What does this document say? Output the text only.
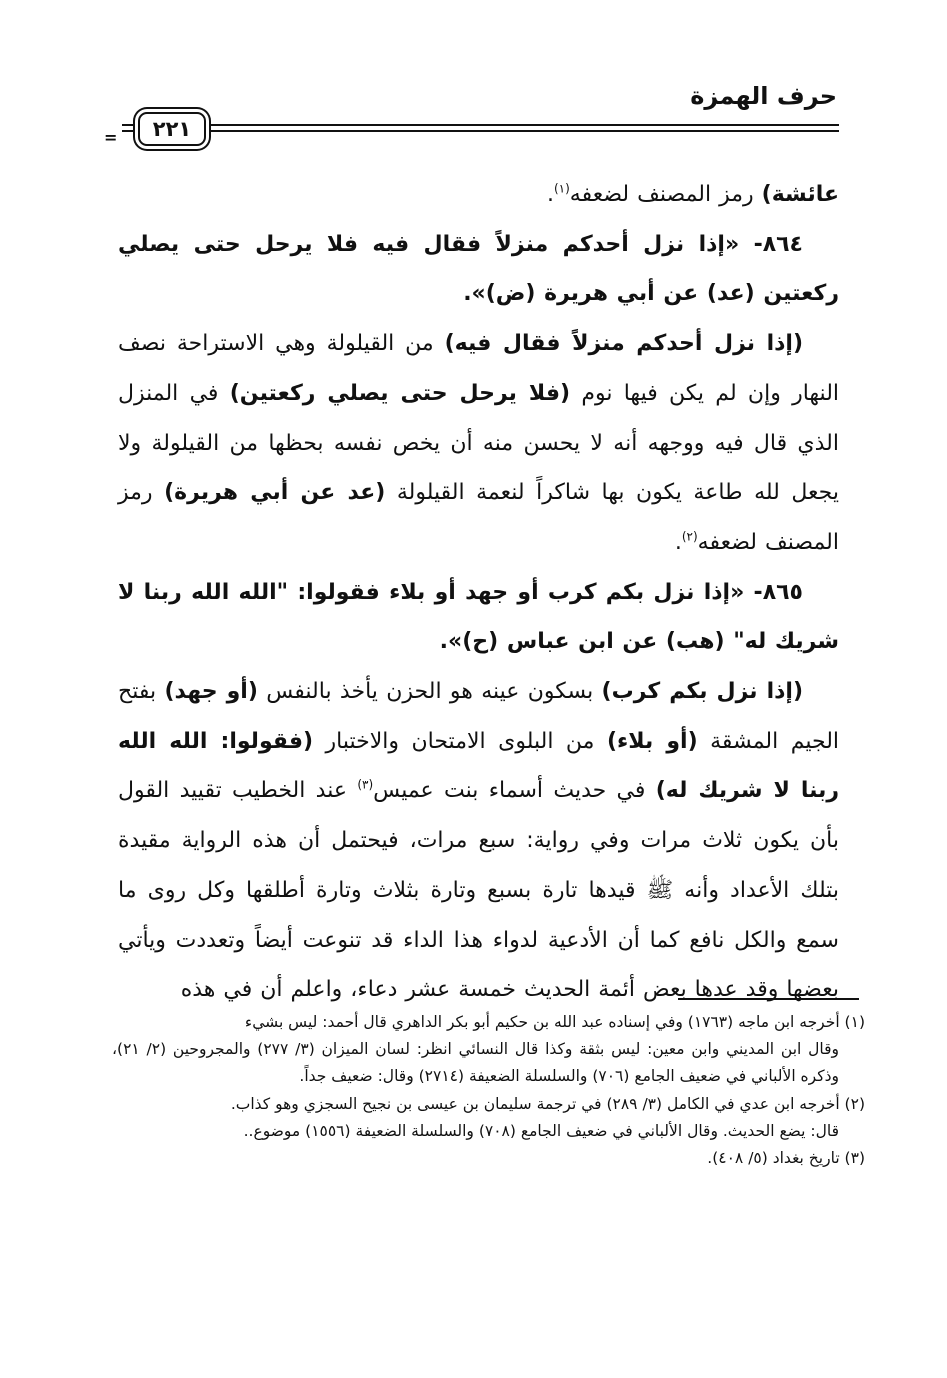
حرف الهمزة
=	٢٢١

عائشة) رمز المصنف لضعفه$^{(١)}$.

٨٦٤- «إذا نزل أحدكم منزلاً فقال فيه فلا يرحل حتى يصلي ركعتين (عد) عن أبي هريرة (ض)».

(إذا نزل أحدكم منزلاً فقال فيه) من القيلولة وهي الاستراحة نصف النهار وإن لم يكن فيها نوم (فلا يرحل حتى يصلي ركعتين) في المنزل الذي قال فيه ووجهه أنه لا يحسن منه أن يخص نفسه بحظها من القيلولة ولا يجعل لله طاعة يكون بها شاكراً لنعمة القيلولة (عد عن أبي هريرة) رمز المصنف لضعفه$^{(٢)}$.

٨٦٥- «إذا نزل بكم كرب أو جهد أو بلاء فقولوا: "الله الله ربنا لا شريك له" (هب) عن ابن عباس (ح)».

(إذا نزل بكم كرب) بسكون عينه هو الحزن يأخذ بالنفس (أو جهد) بفتح الجيم المشقة (أو بلاء) من البلوى الامتحان والاختبار (فقولوا: الله الله ربنا لا شريك له) في حديث أسماء بنت عميس$^{(٣)}$ عند الخطيب تقييد القول بأن يكون ثلاث مرات وفي رواية: سبع مرات، فيحتمل أن هذه الرواية مقيدة بتلك الأعداد وأنه ﷺ قيدها تارة بسبع وتارة بثلاث وتارة أطلقها وكل روى ما سمع والكل نافع كما أن الأدعية لدواء هذا الداء قد تنوعت أيضاً وتعددت ويأتي بعضها وقد عدها بعض أئمة الحديث خمسة عشر دعاء، واعلم أن في هذه

(١) أخرجه ابن ماجه (١٧٦٣) وفي إسناده عبد الله بن حكيم أبو بكر الداهري قال أحمد: ليس بشيء

وقال ابن المديني وابن معين: ليس بثقة وكذا قال النسائي انظر: لسان الميزان (٣/ ٢٧٧) والمجروحين (٢/ ٢١)، وذكره الألباني في ضعيف الجامع (٧٠٦) والسلسلة الضعيفة (٢٧١٤) وقال: ضعيف جداً.

(٢) أخرجه ابن عدي في الكامل (٣/ ٢٨٩) في ترجمة سليمان بن عيسى بن نجيح السجزي وهو كذاب.

قال: يضع الحديث. وقال الألباني في ضعيف الجامع (٧٠٨) والسلسلة الضعيفة (١٥٥٦) موضوع..

(٣) تاريخ بغداد (٥/ ٤٠٨).
